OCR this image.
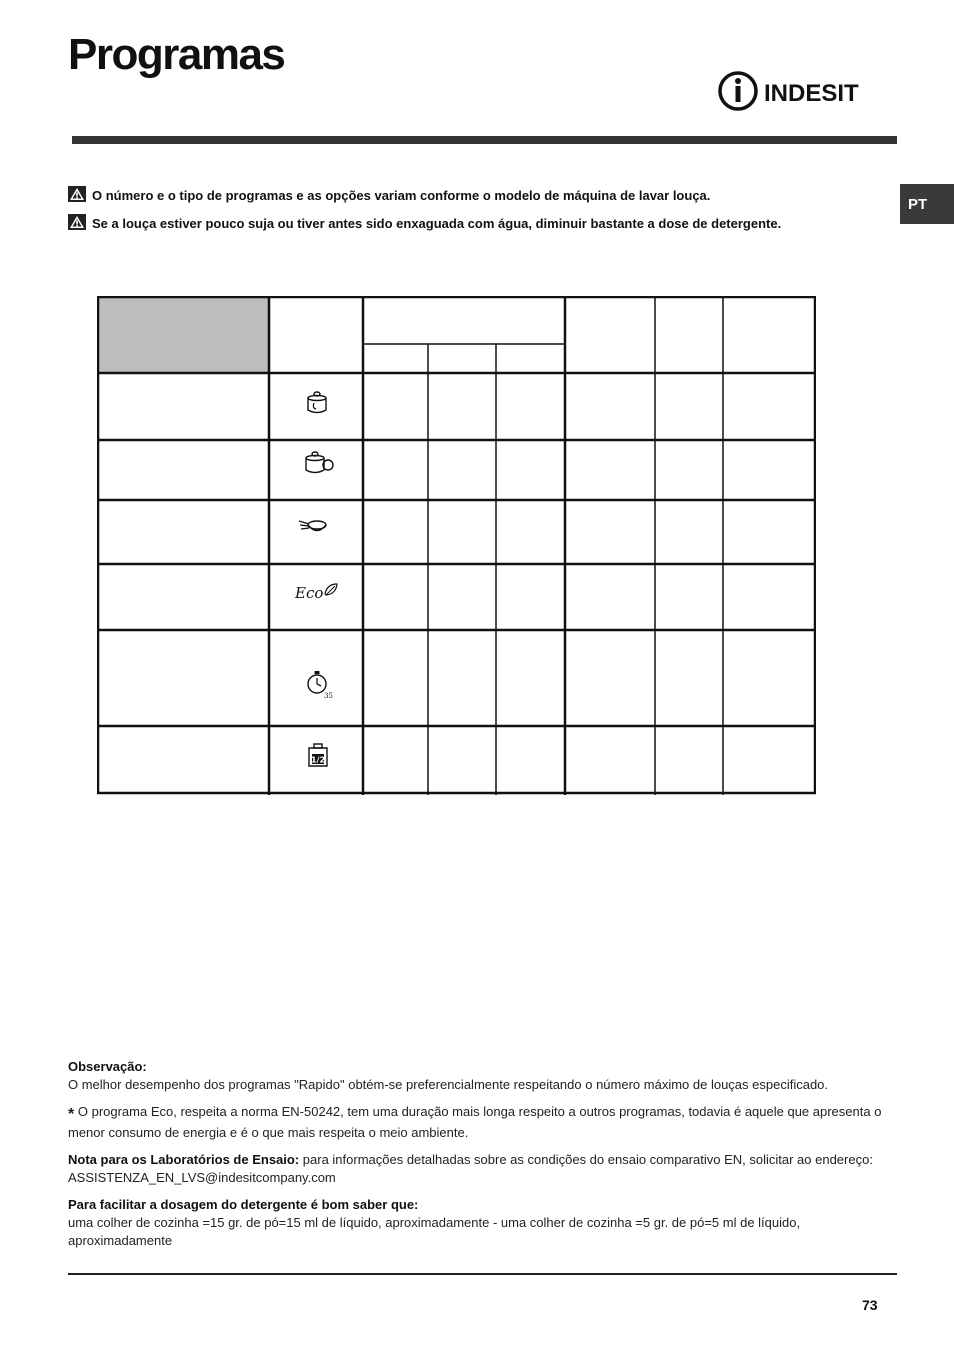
Programas
INDESIT
PT
O número e o tipo de programas e as opções variam conforme o modelo de máquina de lavar louça.
Se a louça estiver pouco suja ou tiver antes sido enxaguada com água, diminuir bastante a dose de detergente.
Eco
35
1/2

Observação:
O melhor desempenho dos programas "Rapido" obtém-se preferencialmente respeitando o número máximo de louças especificado.

* O programa Eco, respeita a norma EN-50242, tem uma duração mais longa respeito a outros programas, todavia é aquele que apresenta o menor consumo de energia e é o que mais respeita o meio ambiente.

Nota para os Laboratórios de Ensaio: para informações detalhadas sobre as condições do ensaio comparativo EN, solicitar ao endereço: ASSISTENZA_EN_LVS@indesitcompany.com

Para facilitar a dosagem do detergente é bom saber que:
uma colher de cozinha =15 gr. de pó=15 ml de líquido, aproximadamente - uma colher de cozinha =5 gr. de pó=5 ml de líquido, aproximadamente

73
